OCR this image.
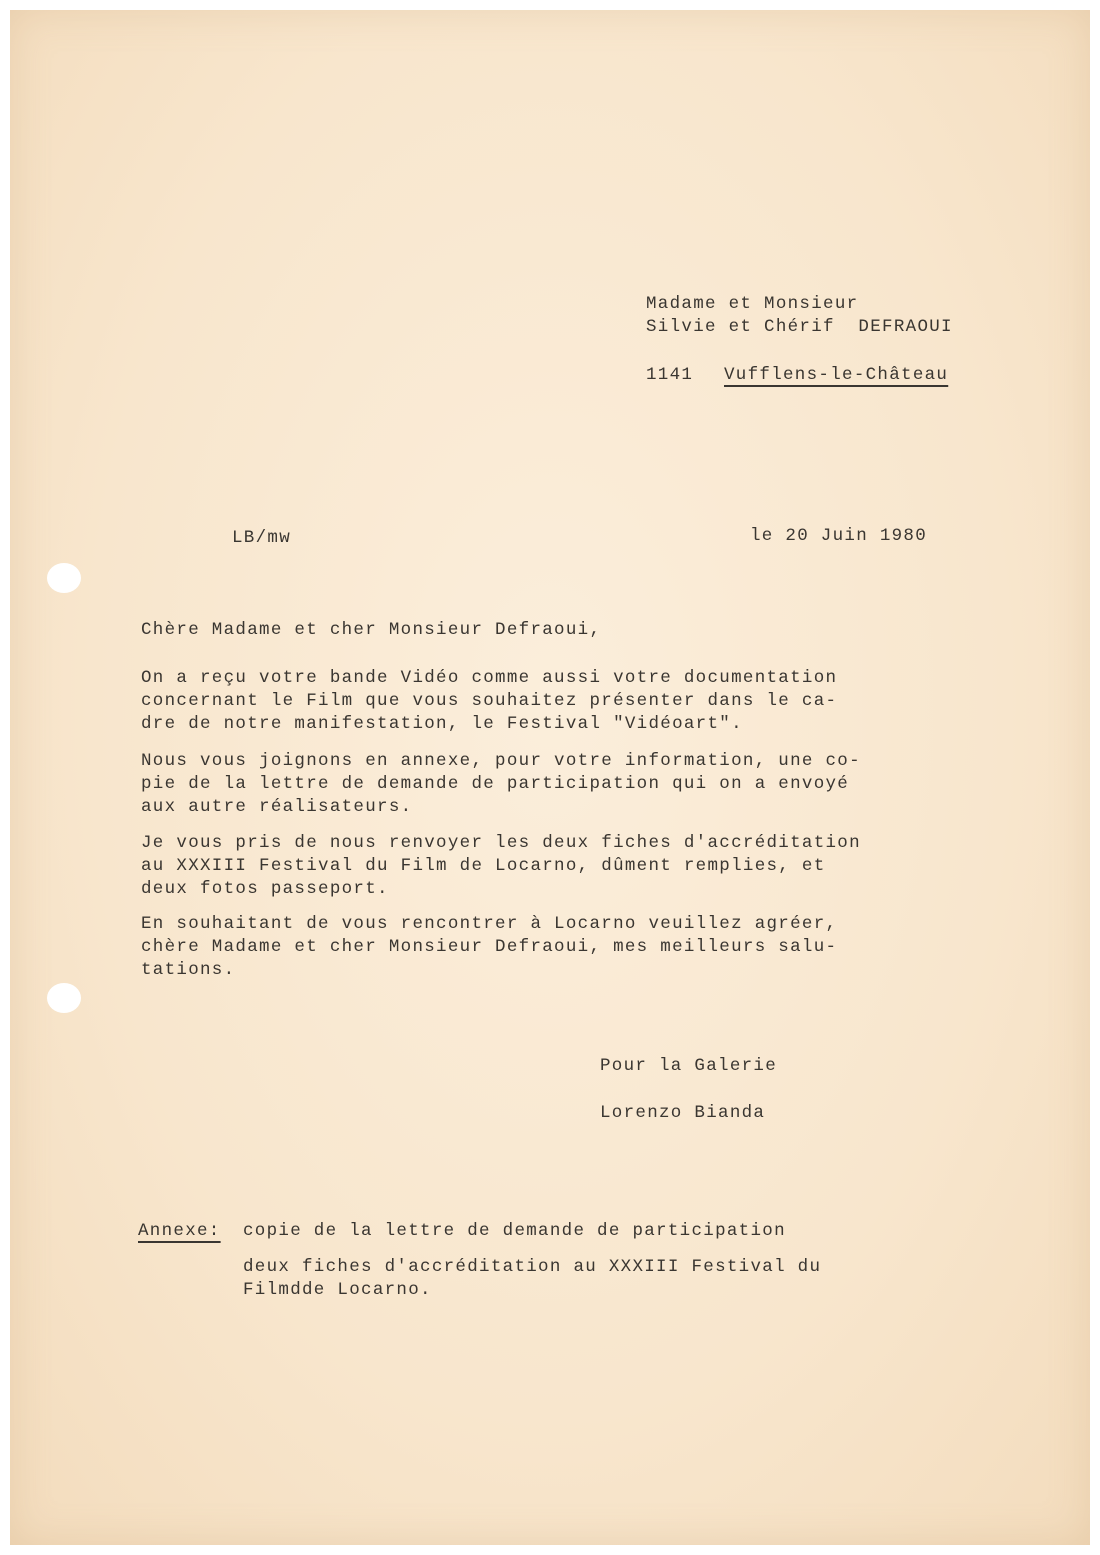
Madame et Monsieur

Silvie et Chérif  DEFRAOUI

1141 Vufflens-le-Château

LB/mw	le 20 Juin 1980

Chère Madame et cher Monsieur Defraoui,

On a reçu votre bande Vidéo comme aussi votre documentation

concernant le Film que vous souhaitez présenter dans le ca-

dre de notre manifestation, le Festival "Vidéoart".

Nous vous joignons en annexe, pour votre information, une co-

pie de la lettre de demande de participation qui on a envoyé

aux autre réalisateurs.

Je vous pris de nous renvoyer les deux fiches d'accréditation

au XXXIII Festival du Film de Locarno, dûment remplies, et

deux fotos passeport.

En souhaitant de vous rencontrer à Locarno veuillez agréer,

chère Madame et cher Monsieur Defraoui, mes meilleurs salu-

tations.

Pour la Galerie

Lorenzo Bianda

Annexe: copie de la lettre de demande de participation

deux fiches d'accréditation au XXXIII Festival du

Filmdde Locarno.
